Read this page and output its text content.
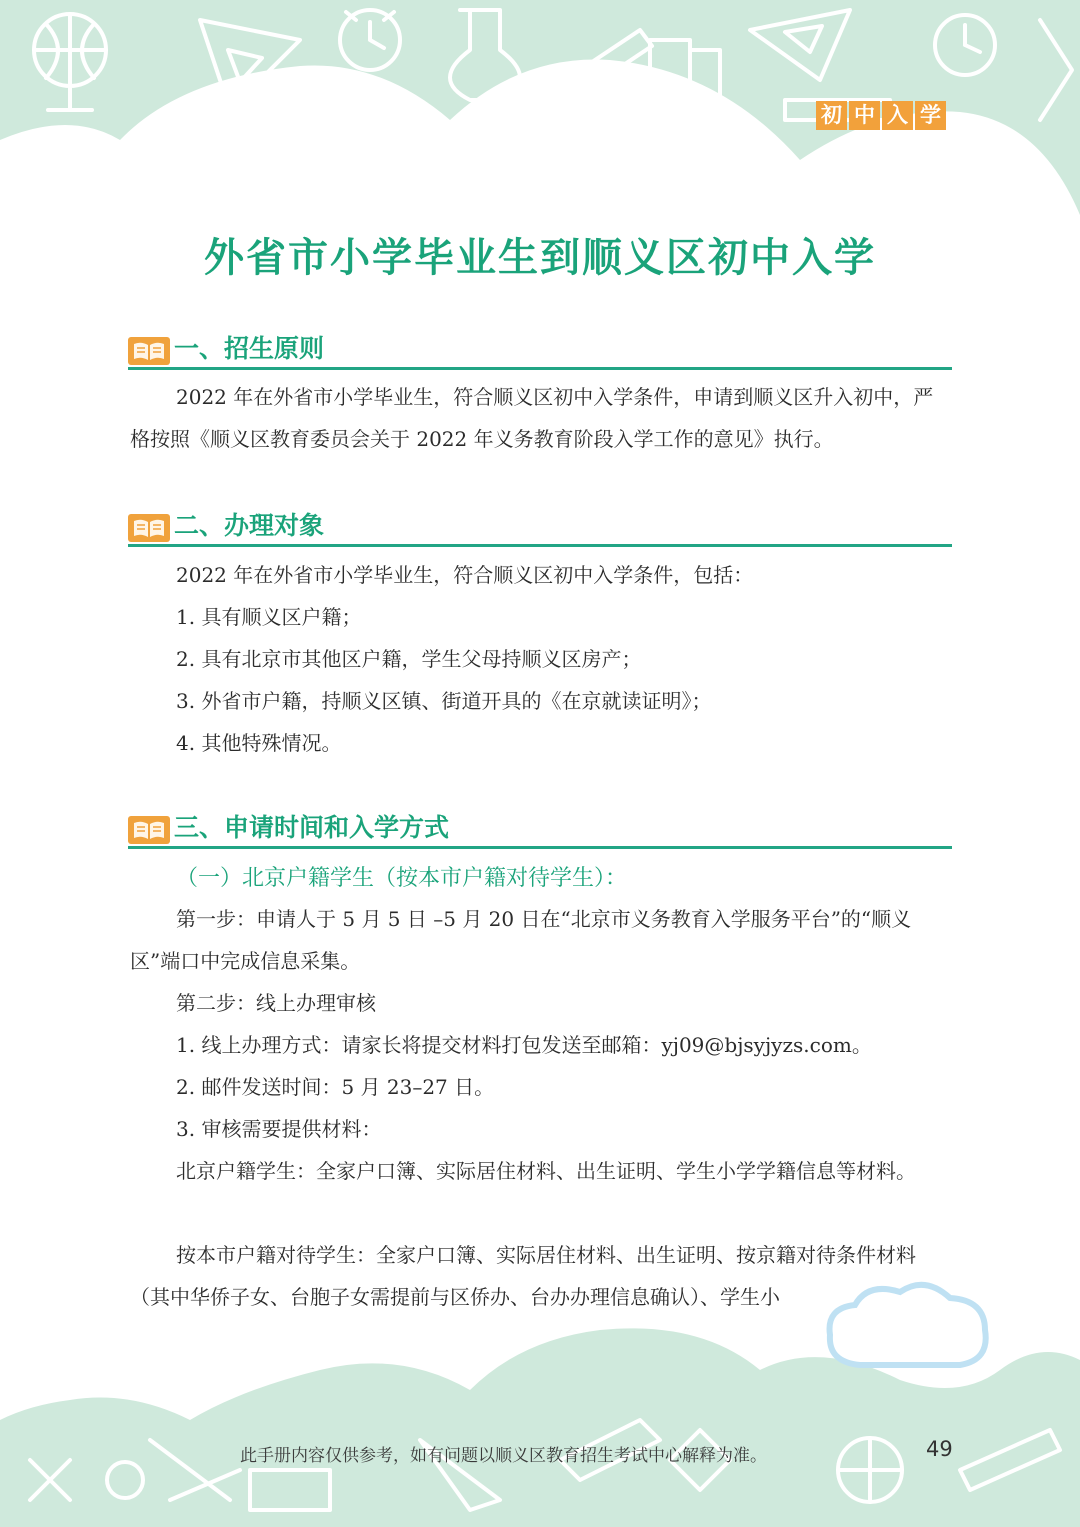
初 中 入 学
外省市小学毕业生到顺义区初中入学
一、招生原则

2022 年在外省市小学毕业生，符合顺义区初中入学条件，申请到顺义区升入初中，严格按照《顺义区教育委员会关于 2022 年义务教育阶段入学工作的意见》执行。

二、办理对象
2022 年在外省市小学毕业生，符合顺义区初中入学条件，包括：
1. 具有顺义区户籍；
2. 具有北京市其他区户籍，学生父母持顺义区房产；
3. 外省市户籍，持顺义区镇、街道开具的《在京就读证明》；
4. 其他特殊情况。
三、申请时间和入学方式
（一）北京户籍学生（按本市户籍对待学生）：

第一步：申请人于 5 月 5 日 –5 月 20 日在“北京市义务教育入学服务平台”的“顺义区”端口中完成信息采集。

第二步：线上办理审核
1. 线上办理方式：请家长将提交材料打包发送至邮箱：yj09@bjsyjyzs.com。
2. 邮件发送时间：5 月 23–27 日。
3. 审核需要提供材料：

北京户籍学生：全家户口簿、实际居住材料、出生证明、学生小学学籍信息等材料。

按本市户籍对待学生：全家户口簿、实际居住材料、出生证明、按京籍对待条件材料（其中华侨子女、台胞子女需提前与区侨办、台办办理信息确认）、学生小

此手册内容仅供参考，如有问题以顺义区教育招生考试中心解释为准。	49
